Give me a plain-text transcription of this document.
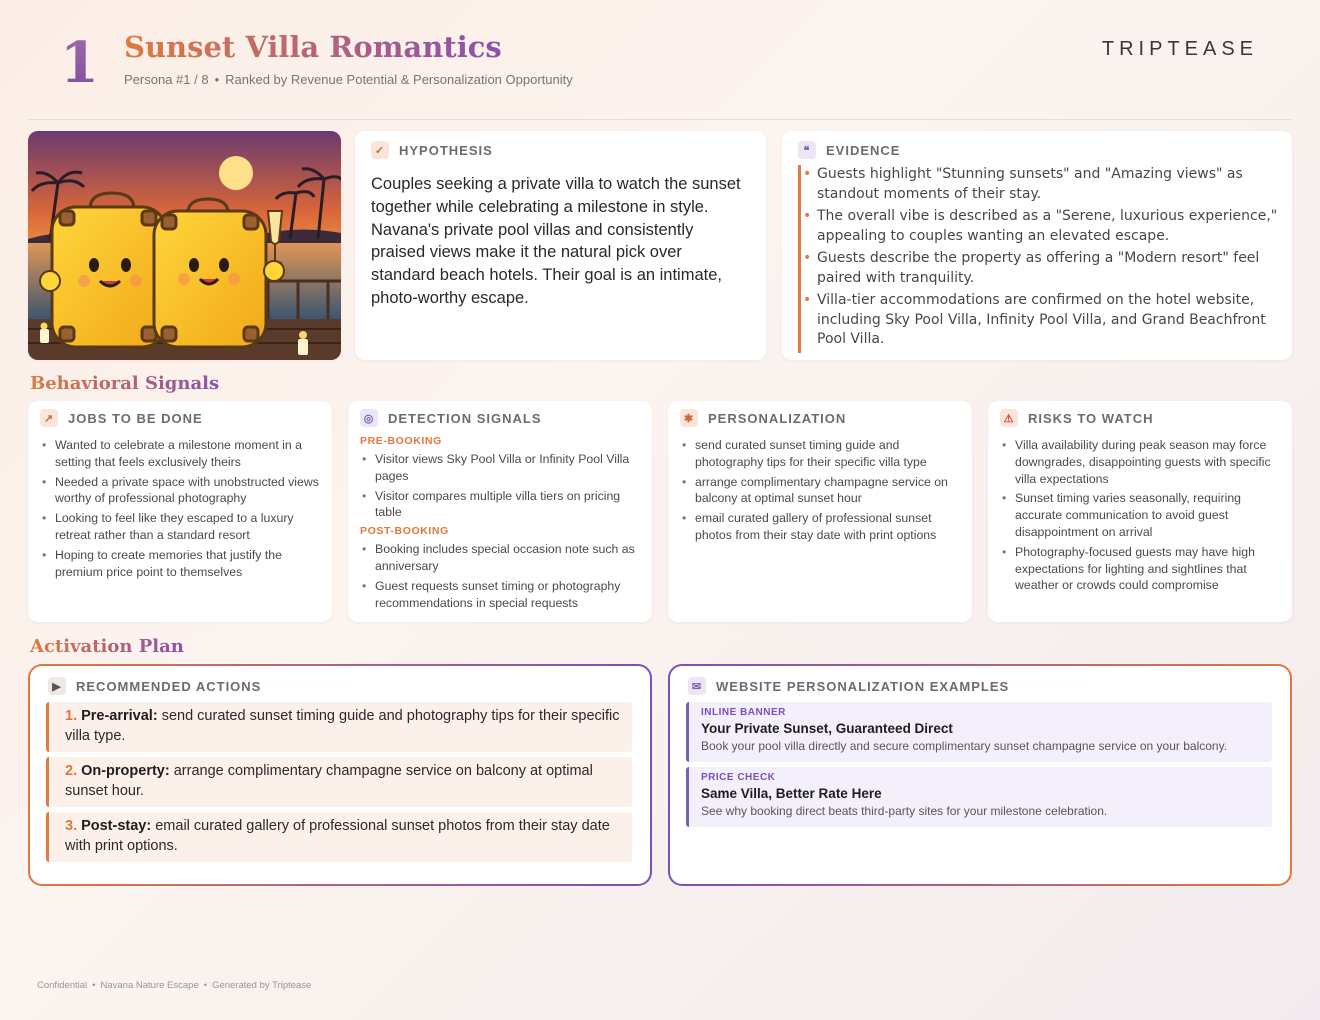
1 Sunset Villa Romantics
Persona #1 / 8 • Ranked by Revenue Potential & Personalization Opportunity
TRIPTEASE
✓ HYPOTHESIS
Couples seeking a private villa to watch the sunset together while celebrating a milestone in style. Navana's private pool villas and consistently praised views make it the natural pick over standard beach hotels. Their goal is an intimate, photo-worthy escape.
❝	EVIDENCE
• Guests highlight "Stunning sunsets" and "Amazing views" as standout moments of their stay.
• The overall vibe is described as a "Serene, luxurious experience," appealing to couples wanting an elevated escape.
• Guests describe the property as offering a "Modern resort" feel paired with tranquility.
• Villa-tier accommodations are confirmed on the hotel website, including Sky Pool Villa, Infinity Pool Villa, and Grand Beachfront Pool Villa.
Behavioral Signals
↗ JOBS TO BE DONE
• Wanted to celebrate a milestone moment in a setting that feels exclusively theirs
• Needed a private space with unobstructed views worthy of professional photography
• Looking to feel like they escaped to a luxury retreat rather than a standard resort
• Hoping to create memories that justify the premium price point to themselves
◎ DETECTION SIGNALS
PRE-BOOKING
• Visitor views Sky Pool Villa or Infinity Pool Villa pages
• Visitor compares multiple villa tiers on pricing table
POST-BOOKING
• Booking includes special occasion note such as anniversary
• Guest requests sunset timing or photography recommendations in special requests
✱ PERSONALIZATION
• send curated sunset timing guide and photography tips for their specific villa type
• arrange complimentary champagne service on balcony at optimal sunset hour
• email curated gallery of professional sunset photos from their stay date with print options
⚠ RISKS TO WATCH
• Villa availability during peak season may force downgrades, disappointing guests with specific villa expectations
• Sunset timing varies seasonally, requiring accurate communication to avoid guest disappointment on arrival
• Photography-focused guests may have high expectations for lighting and sightlines that weather or crowds could compromise
Activation Plan
▶	RECOMMENDED ACTIONS
1. Pre-arrival: send curated sunset timing guide and photography tips for their specific villa type.
2. On-property: arrange complimentary champagne service on balcony at optimal sunset hour.
3. Post-stay: email curated gallery of professional sunset photos from their stay date with print options.
✉ WEBSITE PERSONALIZATION EXAMPLES
INLINE BANNER
Your Private Sunset, Guaranteed Direct
Book your pool villa directly and secure complimentary sunset champagne service on your balcony.
PRICE CHECK
Same Villa, Better Rate Here
See why booking direct beats third-party sites for your milestone celebration.
Confidential • Navana Nature Escape • Generated by Triptease
